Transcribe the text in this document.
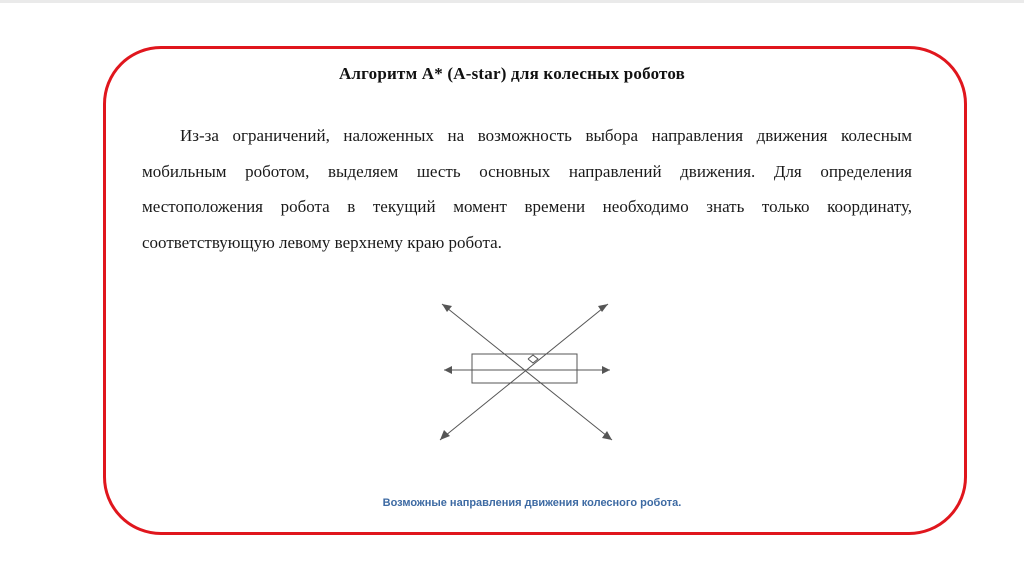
Алгоритм А* (A-star) для колесных роботов

Из-за ограничений, наложенных на возможность выбора направления движения колесным мобильным роботом, выделяем шесть основных направлений движения. Для определения местоположения робота в текущий момент времени необходимо знать только координату, соответствующую левому верхнему краю робота.

Возможные направления движения колесного робота.
